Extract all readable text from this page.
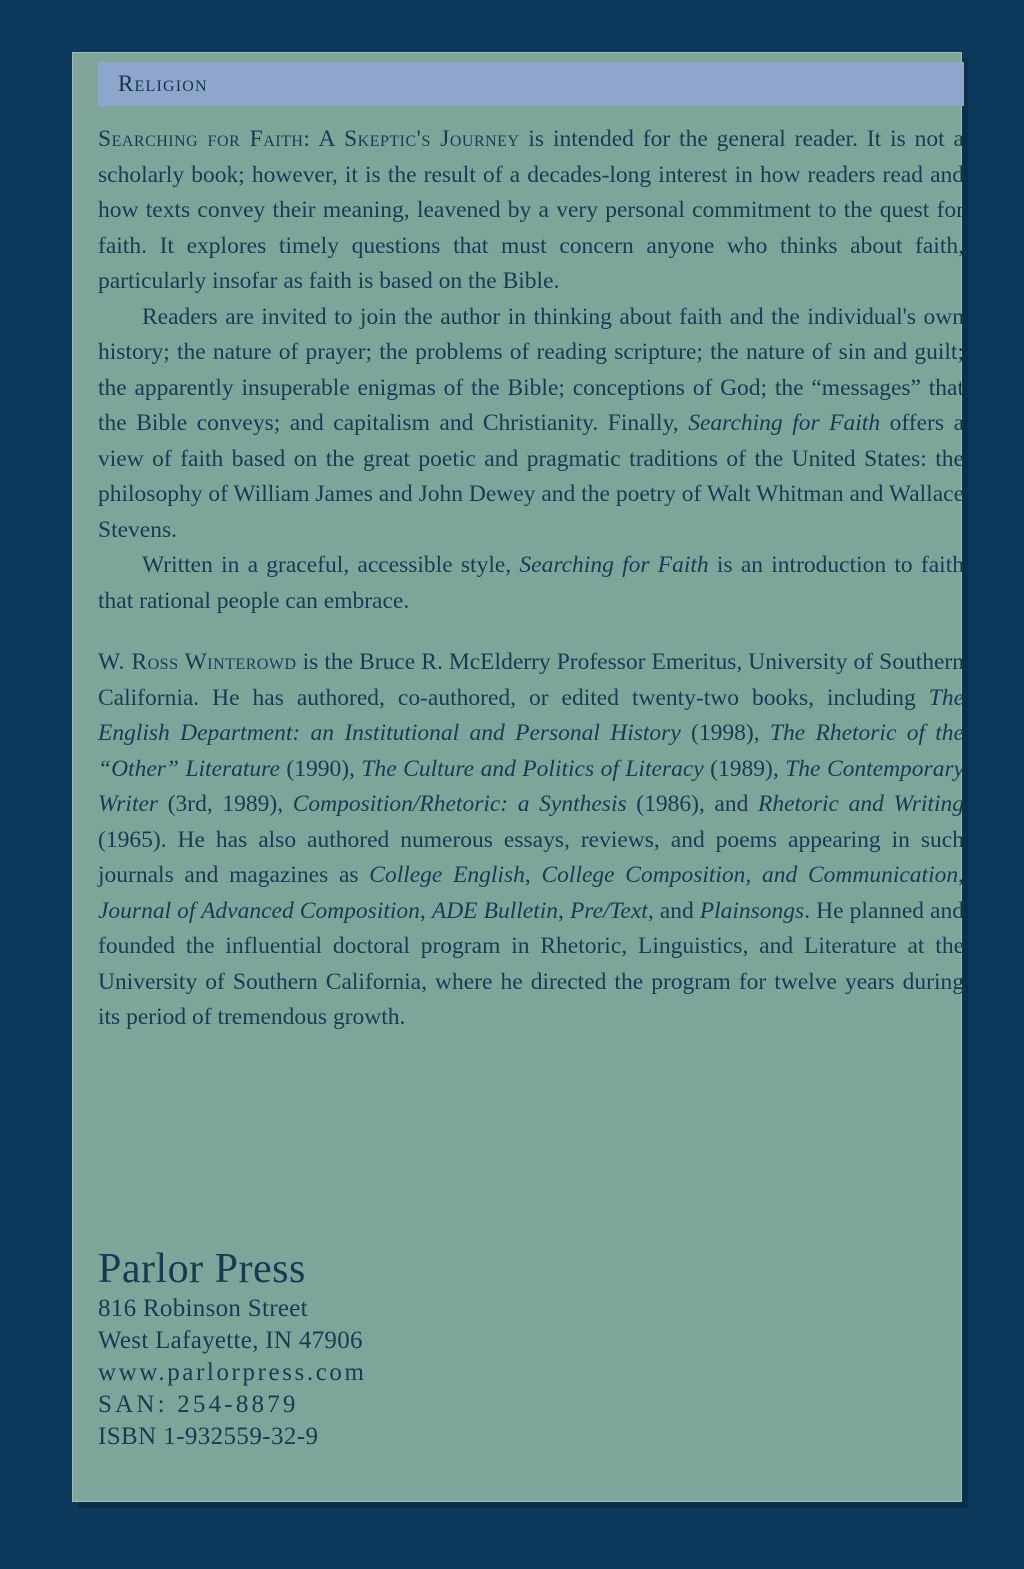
Religion

Searching for Faith: A Skeptic's Journey is intended for the general reader. It is not a scholarly book; however, it is the result of a decades-long interest in how readers read and how texts convey their meaning, leavened by a very personal commitment to the quest for faith. It explores timely questions that must concern anyone who thinks about faith, particularly insofar as faith is based on the Bible.

Readers are invited to join the author in thinking about faith and the individual's own history; the nature of prayer; the problems of reading scripture; the nature of sin and guilt; the apparently insuperable enigmas of the Bible; conceptions of God; the “messages” that the Bible conveys; and capitalism and Christianity. Finally, Searching for Faith offers a view of faith based on the great poetic and pragmatic traditions of the United States: the philosophy of William James and John Dewey and the poetry of Walt Whitman and Wallace Stevens.

Written in a graceful, accessible style, Searching for Faith is an introduction to faith that rational people can embrace.

W. Ross Winterowd is the Bruce R. McElderry Professor Emeritus, University of Southern California. He has authored, co-authored, or edited twenty-two books, including The English Department: an Institutional and Personal History (1998), The Rhetoric of the “Other” Literature (1990), The Culture and Politics of Literacy (1989), The Contemporary Writer (3rd, 1989), Composition/Rhetoric: a Synthesis (1986), and Rhetoric and Writing (1965). He has also authored numerous essays, reviews, and poems appearing in such journals and magazines as College English, College Composition, and Communication, Journal of Advanced Composition, ADE Bulletin, Pre/Text, and Plainsongs. He planned and founded the influential doctoral program in Rhetoric, Linguistics, and Literature at the University of Southern California, where he directed the program for twelve years during its period of tremendous growth.

Parlor Press
816 Robinson Street
West Lafayette, IN 47906
www.parlorpress.com
SAN: 254-8879
ISBN 1-932559-32-9
